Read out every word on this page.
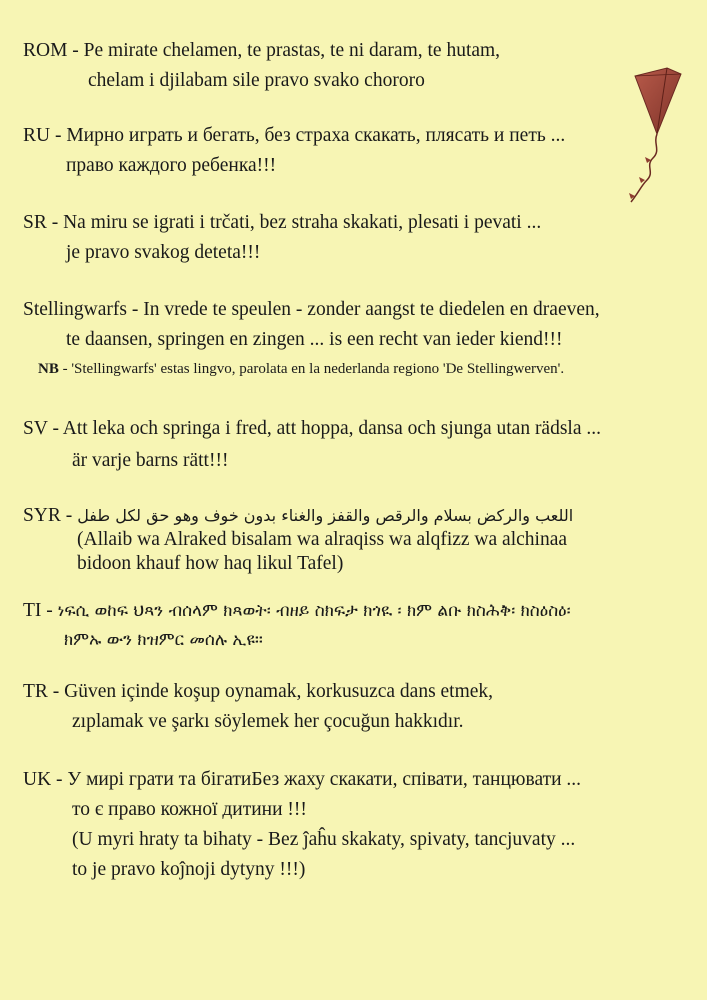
ROM - Pe mirate chelamen, te prastas, te ni daram, te hutam,
chelam i djilabam sile pravo svako chororo
RU - Мирно играть и бегать, без страха скакать, плясать и петь ...
право каждого ребенка!!!
SR - Na miru se igrati i trčati, bez straha skakati, plesati i pevati ...
je pravo svakog deteta!!!
Stellingwarfs - In vrede te speulen - zonder aangst te diedelen en draeven,
te daansen, springen en zingen ... is een recht van ieder kiend!!!
NB - 'Stellingwarfs' estas lingvo, parolata en la nederlanda regiono 'De Stellingwerven'.
SV - Att leka och springa i fred, att hoppa, dansa och sjunga utan rädsla ...
är varje barns rätt!!!
SYR - اللعب والركض بسلام والرقص والقفز والغناء بدون خوف وهو حق لكل طفل
(Allaib wa Alraked bisalam wa alraqiss wa alqfizz wa alchinaa
bidoon khauf how haq likul Tafel)
TI - ነፍሲ ወከፍ ህጻን ብሰላም ክጻወት፡ ብዘይ ስክፍታ ክጎዪ ፡ ክም ልቡ ክስሕቅ፡ ክስዕስዕ፡
ክምኡ ውን ክዝምር መሰሉ ኢዩ።
TR - Güven içinde koşup oynamak, korkusuzca dans etmek,
zıplamak ve şarkı söylemek her çocuğun hakkıdır.
UK - У мирі грати та бігатиБез жаху скакати, співати, танцювати ...
то є право кожної дитини !!!
(U myri hraty ta bihaty - Bez ĵaĥu skakaty, spivaty, tancjuvaty ...
to je pravo koĵnoji dytyny !!!)
